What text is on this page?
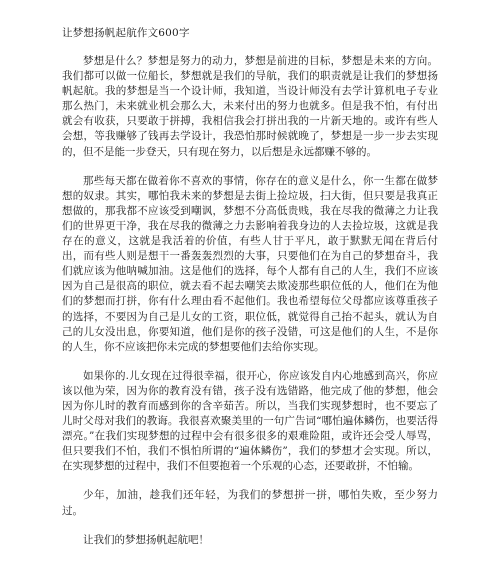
让梦想扬帆起航作文600字

梦想是什么？梦想是努力的动力，梦想是前进的目标，梦想是未来的方向。我们都可以做一位船长，梦想就是我们的导航，我们的职责就是让我们的梦想扬帆起航。我的梦想是当一个设计师，我知道，当设计师没有去学计算机电子专业那么热门，未来就业机会那么大，未来付出的努力也就多。但是我不怕，有付出就会有收获，只要敢于拼搏，我相信我会打拼出我的一片新天地的。或许有些人会想，等我赚够了钱再去学设计，我恐怕那时候就晚了，梦想是一步一步去实现的，但不是能一步登天，只有现在努力，以后想是永远都赚不够的。

那些每天都在做着你不喜欢的事情，你存在的意义是什么，你一生都在做梦想的奴隶。其实，哪怕我未来的梦想是去街上捡垃圾，扫大街，但只要是我真正想做的，那我都不应该受到嘲讽，梦想不分高低贵贱，我在尽我的微薄之力让我们的世界更干净，我在尽我的微薄之力去影响着我身边的人去捡垃圾，这就是我存在的意义，这就是我活着的价值，有些人甘于平凡，敢于默默无闻在背后付出，而有些人则是想干一番轰轰烈烈的大事，只要他们在为自己的梦想奋斗，我们就应该为他呐喊加油。这是他们的选择，每个人都有自己的人生，我们不应该因为自己是很高的职位，就去看不起去嘲笑去欺凌那些职位低的人，他们在为他们的梦想而打拼，你有什么理由看不起他们。我也希望每位父母都应该尊重孩子的选择，不要因为自己是儿女的工资，职位低，就觉得自己抬不起头，就认为自己的儿女没出息，你要知道，他们是你的孩子没错，可这是他们的人生，不是你的人生，你不应该把你未完成的梦想要他们去给你实现。

如果你的.儿女现在过得很幸福，很开心，你应该发自内心地感到高兴，你应该以他为荣，因为你的教育没有错，孩子没有选错路，他完成了他的梦想，他会因为你儿时的教育而感到你的含辛茹苦。所以，当我们实现梦想时，也不要忘了儿时父母对我们的教诲。我很喜欢聚美里的一句广告词“哪怕遍体鳞伤，也要活得漂亮。”在我们实现梦想的过程中会有很多很多的艰难险阻，或许还会受人辱骂，但只要我们不怕，我们不惧怕所谓的“遍体鳞伤”，我们的梦想才会实现。所以，在实现梦想的过程中，我们不但要抱着一个乐观的心态，还要敢拼，不怕输。

少年，加油，趁我们还年轻，为我们的梦想拼一拼，哪怕失败，至少努力过。

让我们的梦想扬帆起航吧！
